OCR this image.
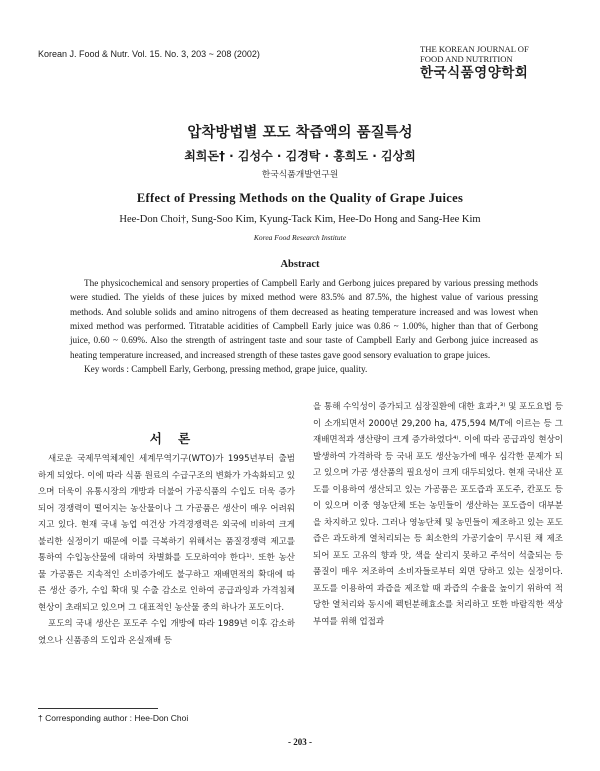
Korean J. Food & Nutr. Vol. 15. No. 3, 203 ~ 208 (2002)	THE KOREAN JOURNAL OF
FOOD AND NUTRITION
한국식품영양학회
압착방법별 포도 착즙액의 품질특성
최희돈† · 김성수 · 김경탁 · 홍희도 · 김상희
한국식품개발연구원
Effect of Pressing Methods on the Quality of Grape Juices
Hee-Don Choi†, Sung-Soo Kim, Kyung-Tack Kim, Hee-Do Hong and Sang-Hee Kim
Korea Food Research Institute
Abstract

The physicochemical and sensory properties of Campbell Early and Gerbong juices prepared by various pressing methods were studied. The yields of these juices by mixed method were 83.5% and 87.5%, the highest value of various pressing methods. And soluble solids and amino nitrogens of them decreased as heating temperature increased and was lowest when mixed method was performed. Titratable acidities of Campbell Early juice was 0.86 ~ 1.00%, higher than that of Gerbong juice, 0.60 ~ 0.69%. Also the strength of astringent taste and sour taste of Campbell Early and Gerbong juice increased as heating temperature increased, and increased strength of these tastes gave good sensory evaluation to grape juices.

Key words : Campbell Early, Gerbong, pressing method, grape juice, quality.

서 론

새로운 국제무역체제인 세계무역기구(WTO)가 1995년부터 출범하게 되었다. 이에 따라 식품 원료의 수급구조의 변화가 가속화되고 있으며 더욱이 유통시장의 개방과 더불어 가공식품의 수입도 더욱 증가되어 경쟁력이 떨어지는 농산물이나 그 가공품은 생산이 매우 어려워지고 있다. 현재 국내 농업 여건상 가격경쟁력은 외국에 비하여 크게 불리한 실정이기 때문에 이를 극복하기 위해서는 품질경쟁력 제고를 통하여 수입농산물에 대하여 차별화를 도모하여야 한다¹⁾. 또한 농산물 가공품은 지속적인 소비증가에도 불구하고 재배면적의 확대에 따른 생산 증가, 수입 확대 및 수출 감소로 인하여 공급과잉과 가격침체현상이 초래되고 있으며 그 대표적인 농산물 중의 하나가 포도이다.

포도의 국내 생산은 포도주 수입 개방에 따라 1989년 이후 감소하였으나 신품종의 도입과 온실재배 등

을 통해 수익성이 증가되고 심장질환에 대한 효과²,³⁾ 및 포도요법 등이 소개되면서 2000년 29,200 ha, 475,594 M/T에 이르는 등 그 재배면적과 생산량이 크게 증가하였다⁴⁾. 이에 따라 공급과잉 현상이 발생하여 가격하락 등 국내 포도 생산농가에 매우 심각한 문제가 되고 있으며 가공 생산품의 필요성이 크게 대두되었다. 현재 국내산 포도를 이용하여 생산되고 있는 가공품은 포도즙과 포도주, 칸포도 등이 있으며 이중 영농단체 또는 농민들이 생산하는 포도즙이 대부분을 차지하고 있다. 그러나 영농단체 및 농민들이 제조하고 있는 포도즙은 과도하게 열처리되는 등 최소한의 가공기술이 무시된 채 제조되어 포도 고유의 향과 맛, 색을 살리지 못하고 주석이 석출되는 등 품질이 매우 저조하여 소비자들로부터 외면 당하고 있는 실정이다. 포도를 이용하여 과즙을 제조할 때 과즙의 수율을 높이기 위하여 적당한 열처리와 동시에 펙틴분해효소를 처리하고 또한 바람직한 색상 부여를 위해 업접과

† Corresponding author : Hee-Don Choi
- 203 -
